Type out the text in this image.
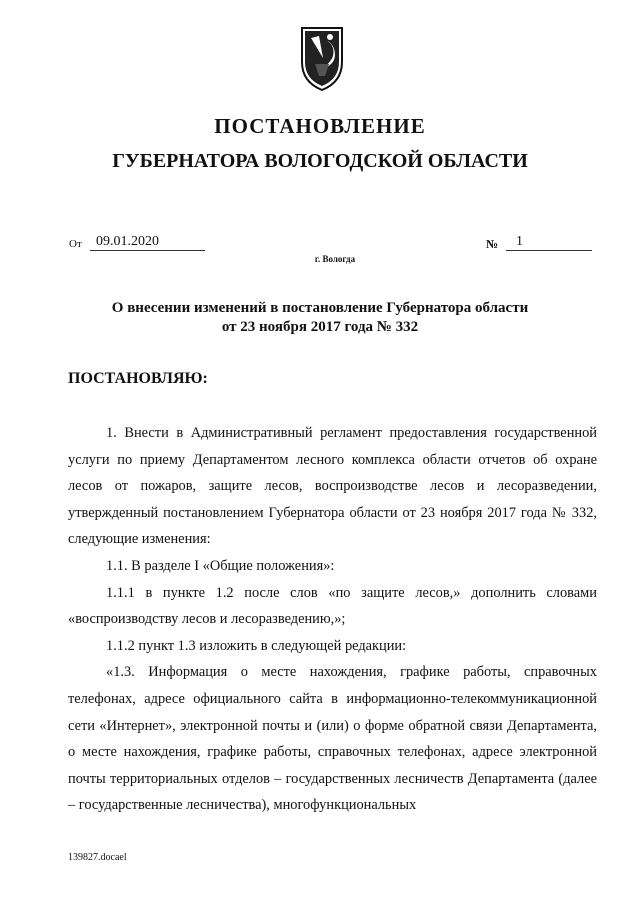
ПОСТАНОВЛЕНИЕ
ГУБЕРНАТОРА ВОЛОГОДСКОЙ ОБЛАСТИ
От	09.01.2020	№	1
г. Вологда
О внесении изменений в постановление Губернатора области
от 23 ноября 2017 года № 332
ПОСТАНОВЛЯЮ:

1. Внести в Административный регламент предоставления государственной услуги по приему Департаментом лесного комплекса области отчетов об охране лесов от пожаров, защите лесов, воспроизводстве лесов и лесоразведении, утвержденный постановлением Губернатора области от 23 ноября 2017 года № 332, следующие изменения:

1.1. В разделе I «Общие положения»:

1.1.1 в пункте 1.2 после слов «по защите лесов,» дополнить словами «воспроизводству лесов и лесоразведению,»;

1.1.2 пункт 1.3 изложить в следующей редакции:

«1.3. Информация о месте нахождения, графике работы, справочных телефонах, адресе официального сайта в информационно-телекоммуникационной сети «Интернет», электронной почты и (или) о форме обратной связи Департамента, о месте нахождения, графике работы, справочных телефонах, адресе электронной почты территориальных отделов – государственных лесничеств Департамента (далее – государственные лесничества), многофункциональных

139827.docael
